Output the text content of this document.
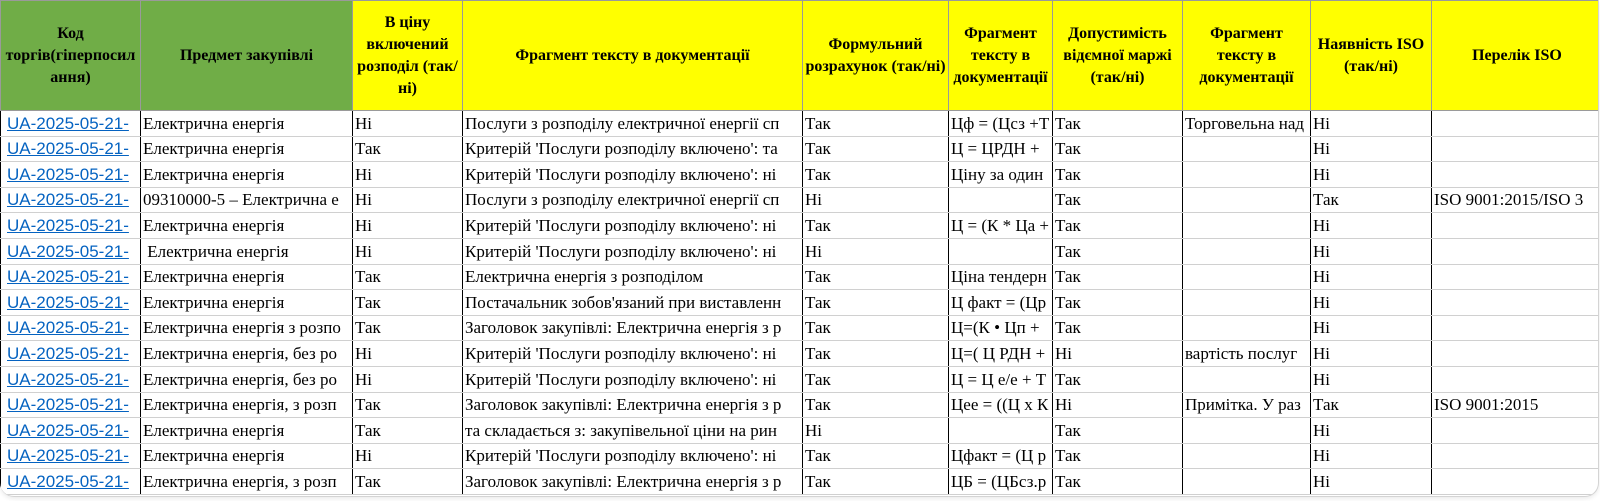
Код торгів(гіперпосилання)	Предмет закупівлі	В ціну включений розподіл (так/ні)	Фрагмент тексту в документації	Формульний розрахунок (так/ні)	Фрагмент тексту в документації	Допустимість відємної маржі (так/ні)	Фрагмент тексту в документації	Наявність ISO (так/ні)	Перелік ISO
UA-2025-05-21-	Електрична енергія	Ні	Послуги з розподілу електричної енергії сп	Так	Цф = (Цсз +Т	Так	Торговельна над	Ні	
UA-2025-05-21-	Електрична енергія	Так	Критерій 'Послуги розподілу включено': та	Так	Ц = ЦРДН +	Так		Ні	
UA-2025-05-21-	Електрична енергія	Ні	Критерій 'Послуги розподілу включено': ні	Так	Ціну за один	Так		Ні	
UA-2025-05-21-	09310000-5 – Електрична е	Ні	Послуги з розподілу електричної енергії сп	Ні		Так		Так	ISO 9001:2015/ISO 3
UA-2025-05-21-	Електрична енергія	Ні	Критерій 'Послуги розподілу включено': ні	Так	Ц = (К * Ца +	Так		Ні	
UA-2025-05-21-	Електрична енергія	Ні	Критерій 'Послуги розподілу включено': ні	Ні		Так		Ні	
UA-2025-05-21-	Електрична енергія	Так	Електрична енергія з розподілом	Так	Ціна тендерн	Так		Ні	
UA-2025-05-21-	Електрична енергія	Так	Постачальник зобов'язаний при виставленн	Так	Ц факт = (Цр	Так		Ні	
UA-2025-05-21-	Електрична енергія з розпо	Так	Заголовок закупівлі: Електрична енергія з р	Так	Ц=(К • Цп +	Так		Ні	
UA-2025-05-21-	Електрична енергія, без ро	Ні	Критерій 'Послуги розподілу включено': ні	Так	Ц=( Ц РДН +	Ні	вартість послуг	Ні	
UA-2025-05-21-	Електрична енергія, без ро	Ні	Критерій 'Послуги розподілу включено': ні	Так	Ц = Ц е/е + Т	Так		Ні	
UA-2025-05-21-	Електрична енергія, з розп	Так	Заголовок закупівлі: Електрична енергія з р	Так	Цее = ((Ц х К	Ні	Примітка. У раз	Так	ISO 9001:2015
UA-2025-05-21-	Електрична енергія	Так	та складається з: закупівельної ціни на рин	Ні		Так		Ні	
UA-2025-05-21-	Електрична енергія	Ні	Критерій 'Послуги розподілу включено': ні	Так	Цфакт = (Ц р	Так		Ні	
UA-2025-05-21-	Електрична енергія, з розп	Так	Заголовок закупівлі: Електрична енергія з р	Так	ЦБ = (ЦБсз.р	Так		Ні	
